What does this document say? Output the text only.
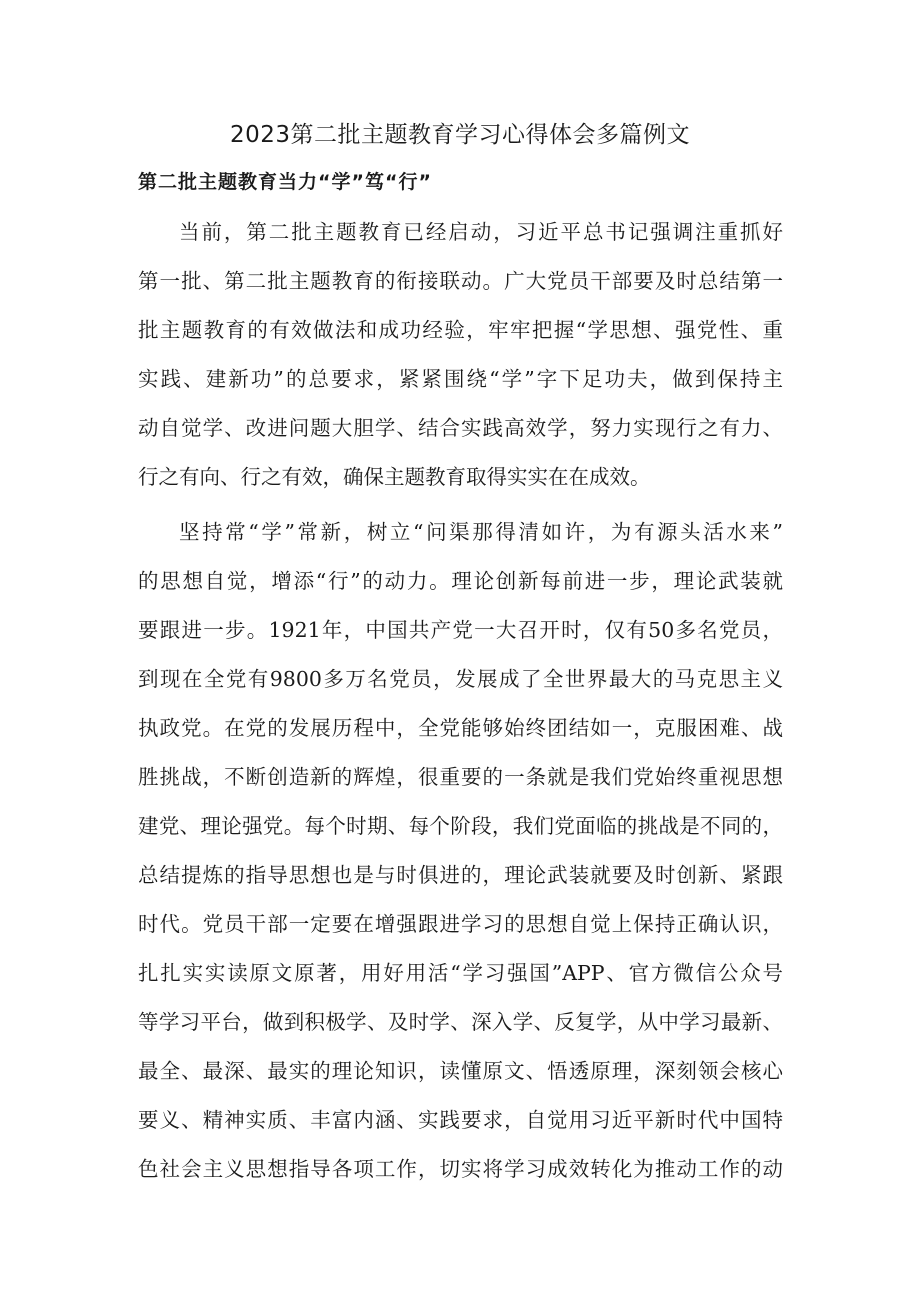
2023第二批主题教育学习心得体会多篇例文
第二批主题教育当力“学”笃“行”
当前，第二批主题教育已经启动，习近平总书记强调注重抓好
第一批、第二批主题教育的衔接联动。广大党员干部要及时总结第一
批主题教育的有效做法和成功经验，牢牢把握“学思想、强党性、重
实践、建新功”的总要求，紧紧围绕“学”字下足功夫，做到保持主
动自觉学、改进问题大胆学、结合实践高效学，努力实现行之有力、
行之有向、行之有效，确保主题教育取得实实在在成效。
坚持常“学”常新，树立“问渠那得清如许，为有源头活水来”
的思想自觉，增添“行”的动力。理论创新每前进一步，理论武装就
要跟进一步。1921年，中国共产党一大召开时，仅有50多名党员，
到现在全党有9800多万名党员，发展成了全世界最大的马克思主义
执政党。在党的发展历程中，全党能够始终团结如一，克服困难、战
胜挑战，不断创造新的辉煌，很重要的一条就是我们党始终重视思想
建党、理论强党。每个时期、每个阶段，我们党面临的挑战是不同的，
总结提炼的指导思想也是与时俱进的，理论武装就要及时创新、紧跟
时代。党员干部一定要在增强跟进学习的思想自觉上保持正确认识，
扎扎实实读原文原著，用好用活“学习强国”APP、官方微信公众号
等学习平台，做到积极学、及时学、深入学、反复学，从中学习最新、
最全、最深、最实的理论知识，读懂原文、悟透原理，深刻领会核心
要义、精神实质、丰富内涵、实践要求，自觉用习近平新时代中国特
色社会主义思想指导各项工作，切实将学习成效转化为推动工作的动
